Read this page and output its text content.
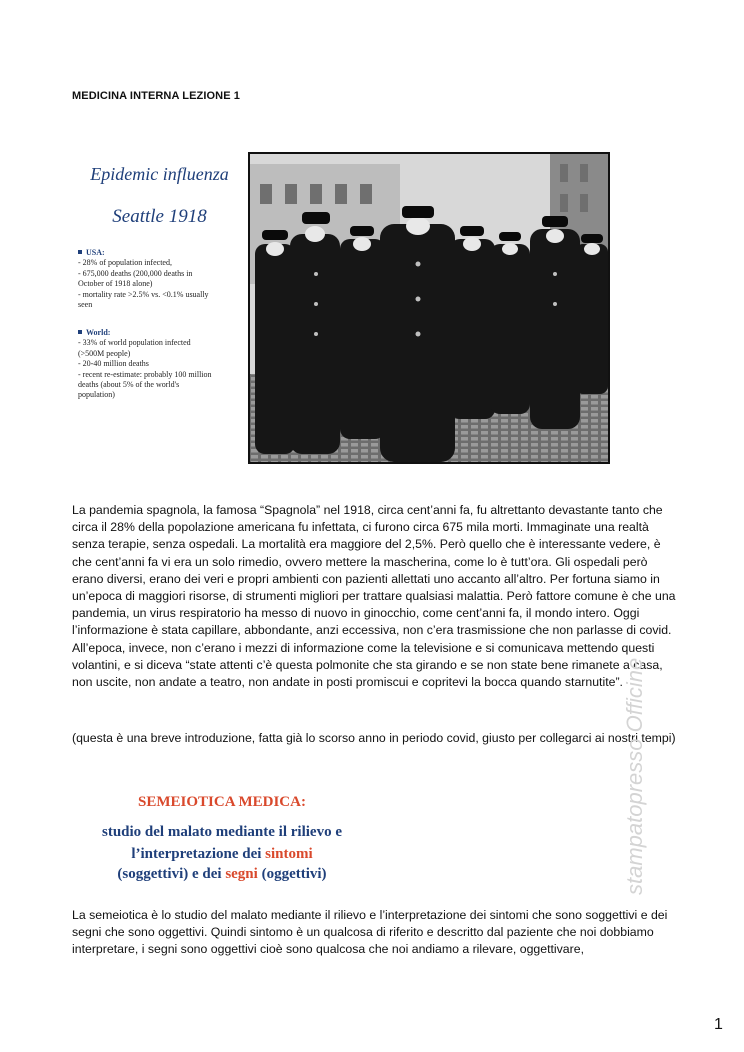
MEDICINA INTERNA LEZIONE 1
Epidemic influenza
Seattle 1918
USA:
- 28% of population infected,
- 675,000 deaths (200,000 deaths in
October of 1918 alone)
- mortality rate >2.5% vs. <0.1% usually
seen
World:
- 33% of world population infected
(>500M people)
- 20-40 million deaths
- recent re-estimate: probably 100 million
deaths (about 5% of the world's
population)
La pandemia spagnola, la famosa “Spagnola” nel 1918, circa cent’anni fa, fu altrettanto devastante tanto che circa il 28% della popolazione americana fu infettata, ci furono circa 675 mila morti. Immaginate una realtà senza terapie, senza ospedali. La mortalità era maggiore del 2,5%. Però quello che è interessante vedere, è che cent’anni fa vi era un solo rimedio, ovvero mettere la mascherina, come lo è tutt’ora. Gli ospedali però erano diversi, erano dei veri e propri ambienti con pazienti allettati uno accanto all’altro. Per fortuna siamo in un’epoca di maggiori risorse, di strumenti migliori per trattare qualsiasi malattia. Però fattore comune è che una pandemia, un virus respiratorio ha messo di nuovo in ginocchio, come cent’anni fa, il mondo intero. Oggi l’informazione è stata capillare, abbondante, anzi eccessiva, non c’era trasmissione che non parlasse di covid. All’epoca, invece, non c’erano i mezzi di informazione come la televisione e si comunicava mettendo questi volantini, e si diceva “state attenti c’è questa polmonite che sta girando e se non state bene rimanete a casa, non uscite, non andate a teatro, non andate in posti promiscui e copritevi la bocca quando starnutite”.
(questa è una breve introduzione, fatta già lo scorso anno in periodo covid, giusto per collegarci ai nostri tempi)
SEMEIOTICA MEDICA:
studio del malato mediante il rilievo e
l’interpretazione dei sintomi
(soggettivi) e dei segni (oggettivi)
La semeiotica è lo studio del malato mediante il rilievo e l’interpretazione dei sintomi che sono soggettivi e dei segni che sono oggettivi. Quindi sintomo è un qualcosa di riferito e descritto dal paziente che noi dobbiamo interpretare, i segni sono oggettivi cioè sono qualcosa che noi andiamo a rilevare, oggettivare,
stampatopresso Officine
1
